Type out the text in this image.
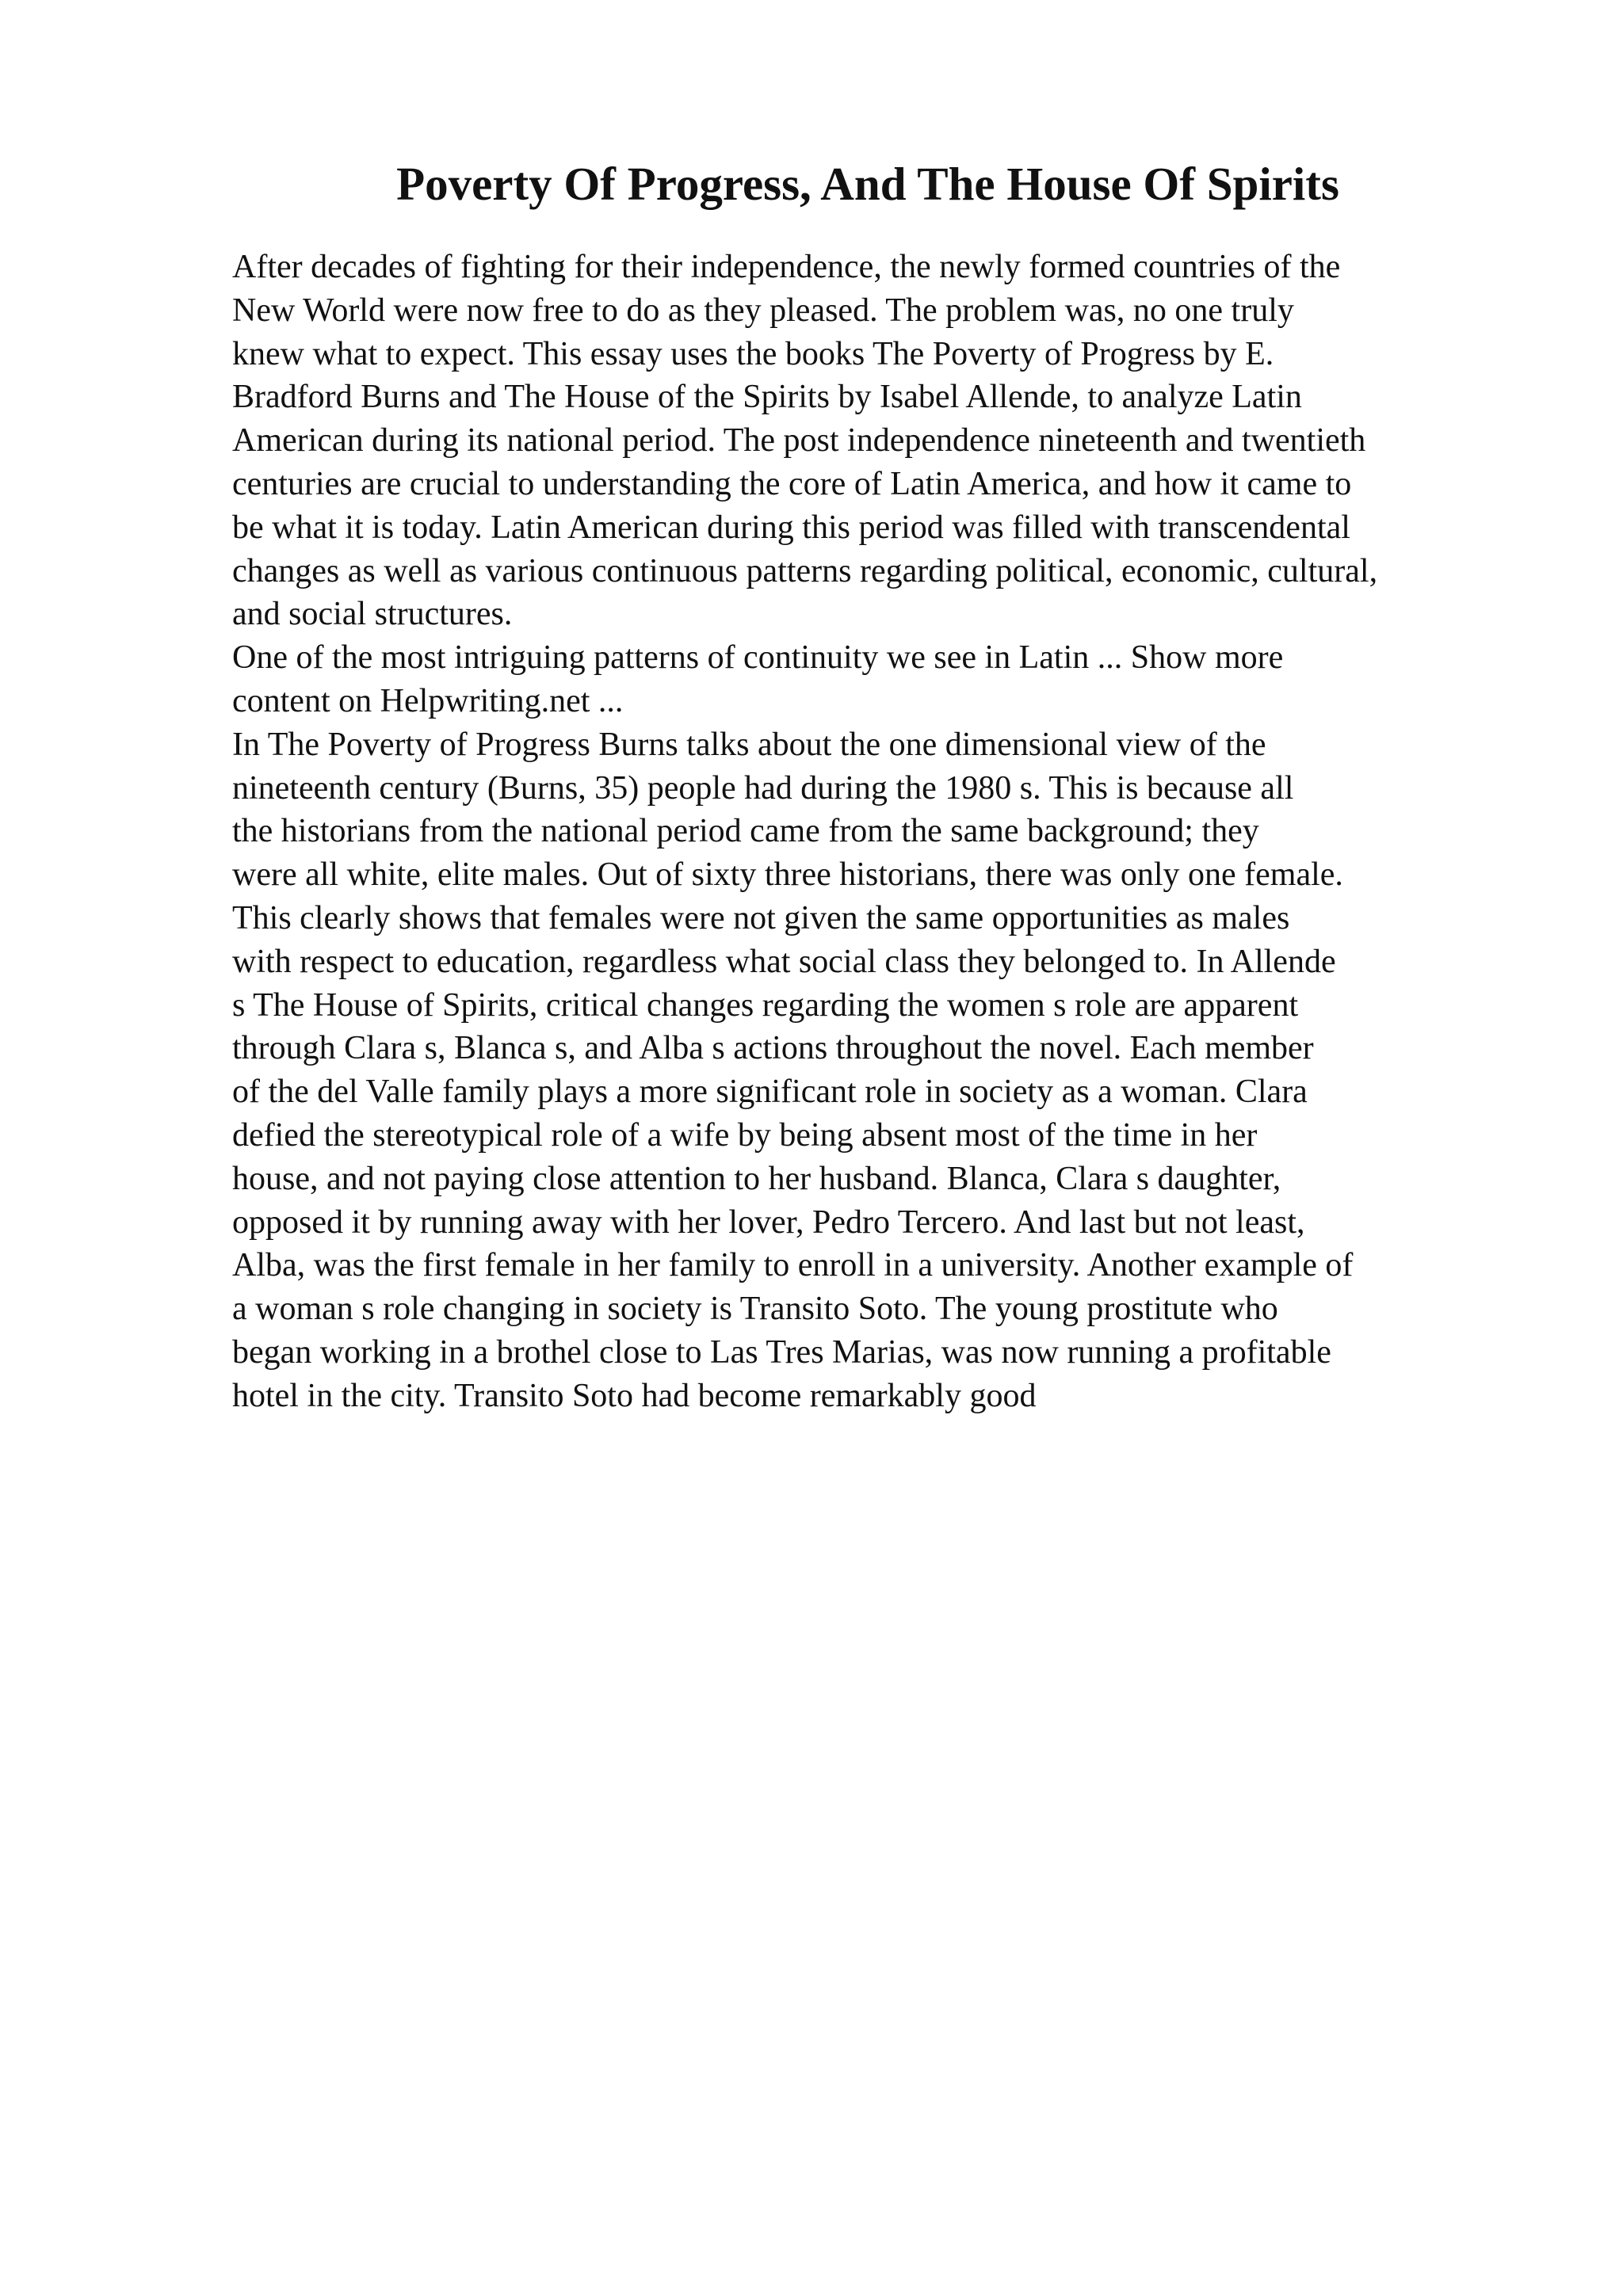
Poverty Of Progress, And The House Of Spirits
After decades of fighting for their independence, the newly formed countries of the
New World were now free to do as they pleased. The problem was, no one truly
knew what to expect. This essay uses the books The Poverty of Progress by E.
Bradford Burns and The House of the Spirits by Isabel Allende, to analyze Latin
American during its national period. The post independence nineteenth and twentieth
centuries are crucial to understanding the core of Latin America, and how it came to
be what it is today. Latin American during this period was filled with transcendental
changes as well as various continuous patterns regarding political, economic, cultural,
and social structures.
One of the most intriguing patterns of continuity we see in Latin ... Show more
content on Helpwriting.net ...
In The Poverty of Progress Burns talks about the one dimensional view of the
nineteenth century (Burns, 35) people had during the 1980 s. This is because all
the historians from the national period came from the same background; they
were all white, elite males. Out of sixty three historians, there was only one female.
This clearly shows that females were not given the same opportunities as males
with respect to education, regardless what social class they belonged to. In Allende
s The House of Spirits, critical changes regarding the women s role are apparent
through Clara s, Blanca s, and Alba s actions throughout the novel. Each member
of the del Valle family plays a more significant role in society as a woman. Clara
defied the stereotypical role of a wife by being absent most of the time in her
house, and not paying close attention to her husband. Blanca, Clara s daughter,
opposed it by running away with her lover, Pedro Tercero. And last but not least,
Alba, was the first female in her family to enroll in a university. Another example of
a woman s role changing in society is Transito Soto. The young prostitute who
began working in a brothel close to Las Tres Marias, was now running a profitable
hotel in the city. Transito Soto had become remarkably good
